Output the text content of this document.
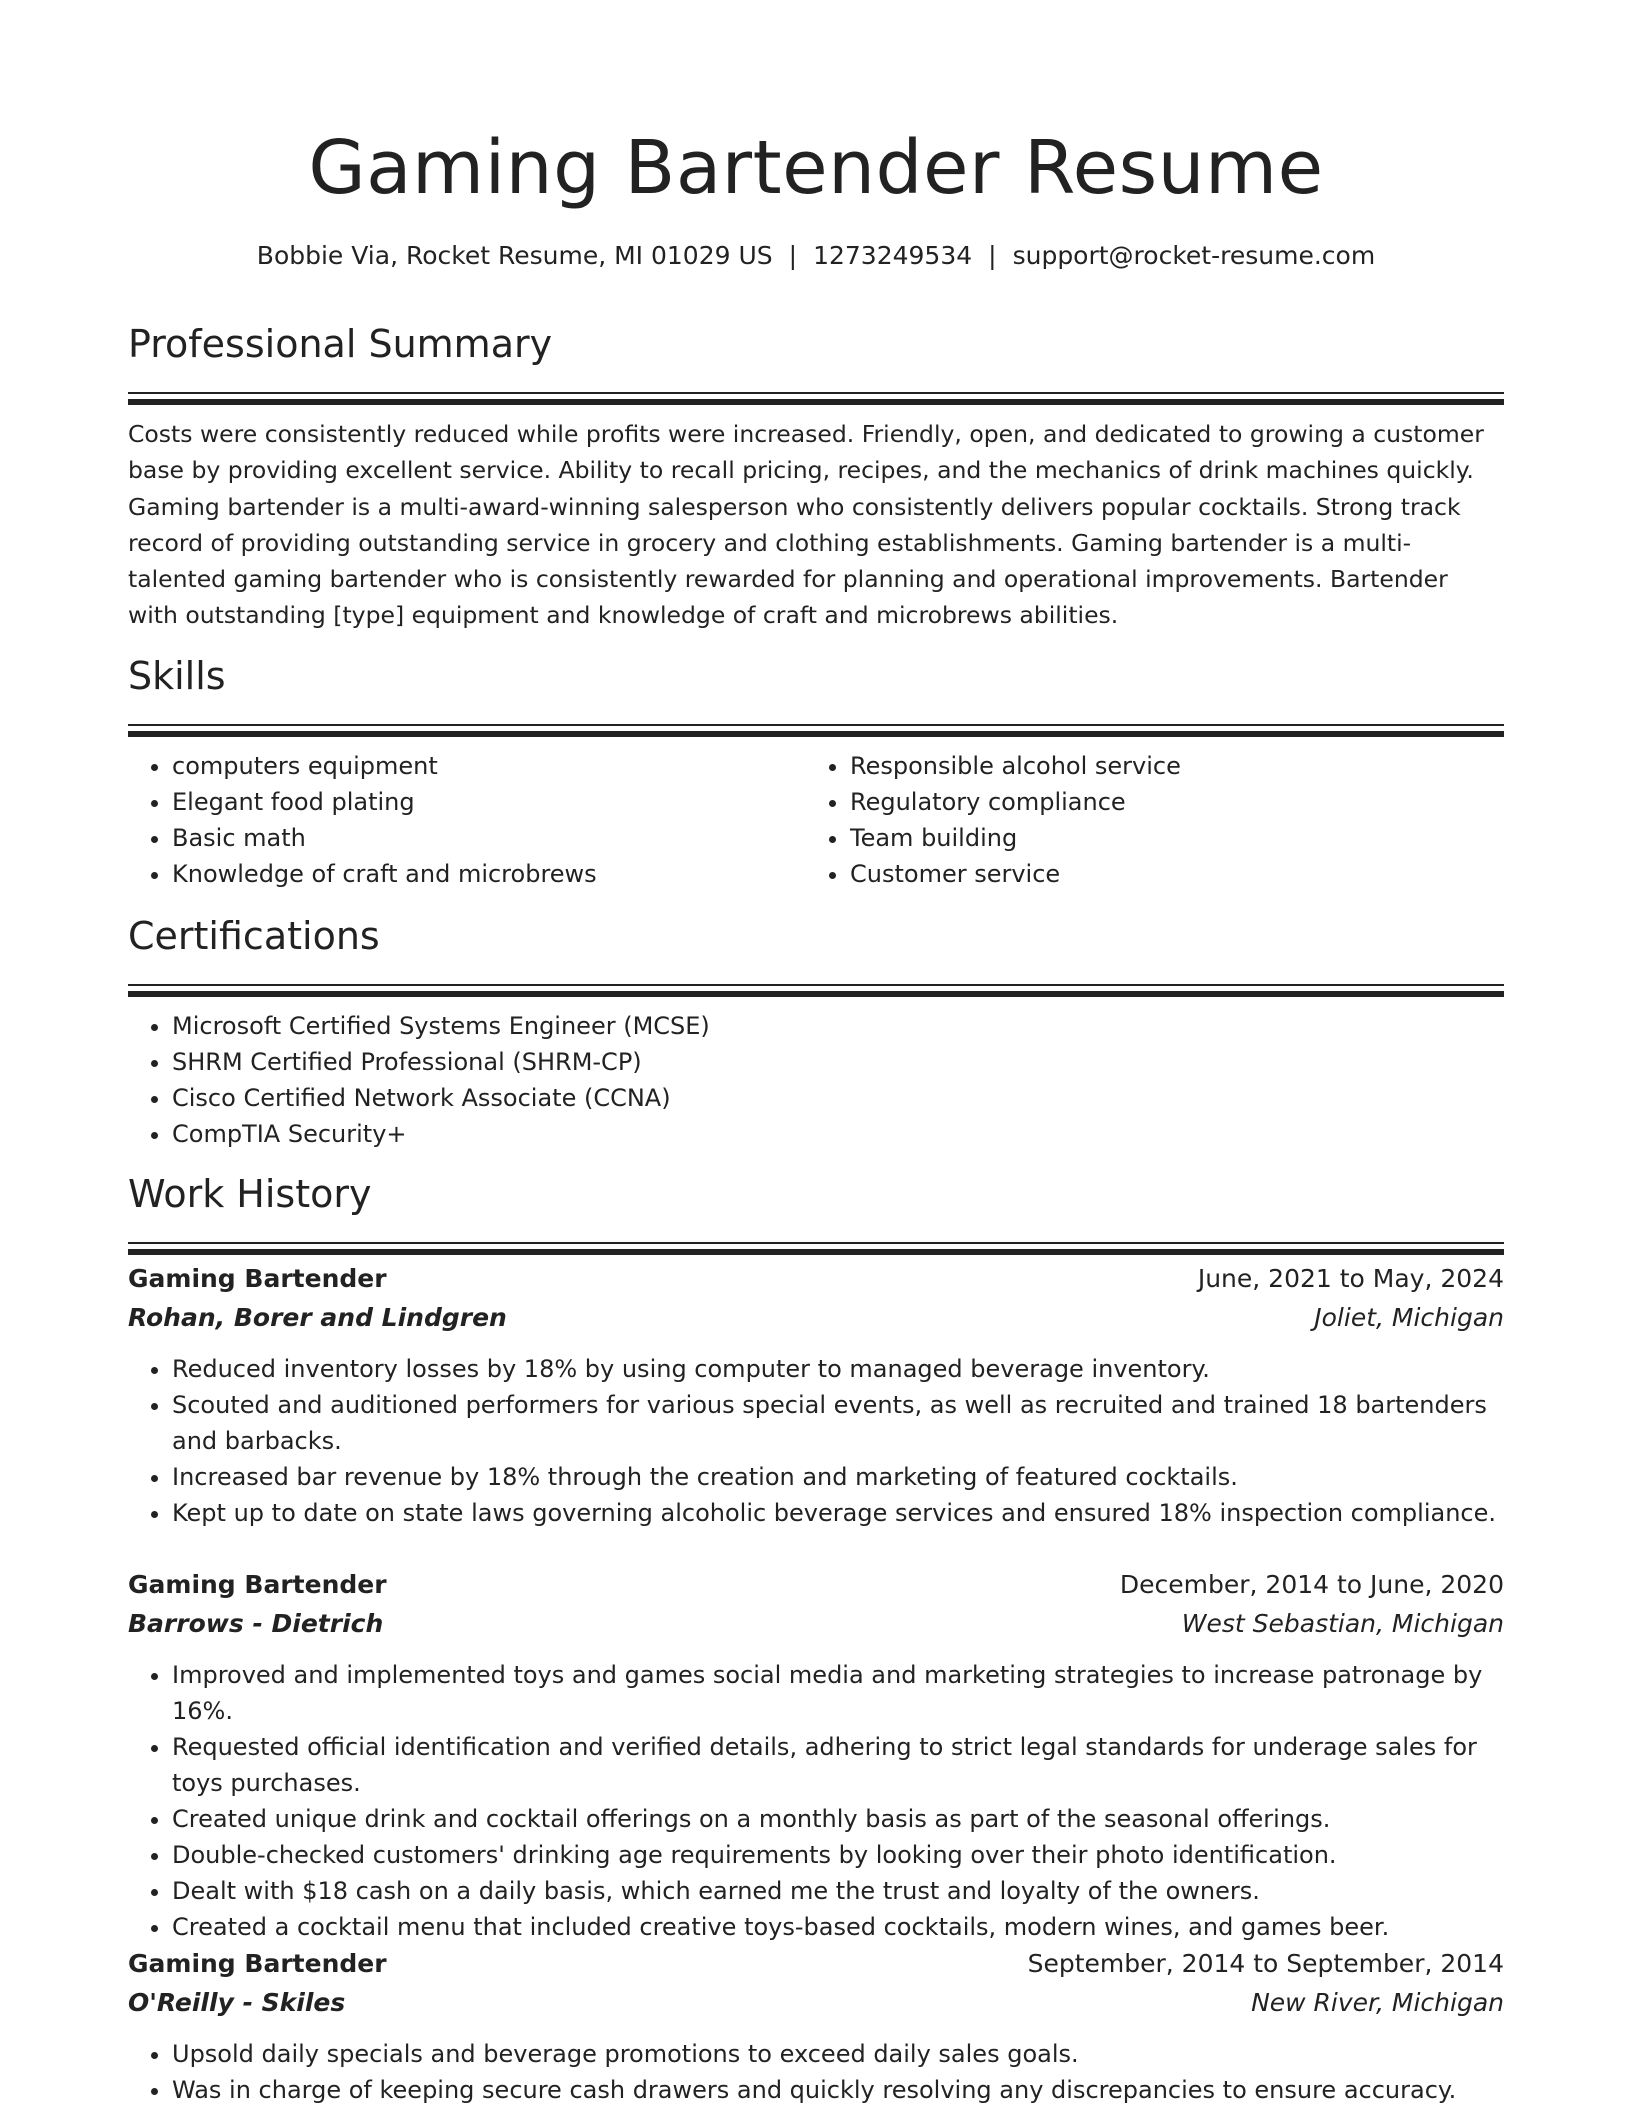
Gaming Bartender Resume
Bobbie Via, Rocket Resume, MI 01029 US | 1273249534 | support@rocket-resume.com
Professional Summary

Costs were consistently reduced while profits were increased. Friendly, open, and dedicated to growing a customer base by providing excellent service. Ability to recall pricing, recipes, and the mechanics of drink machines quickly. Gaming bartender is a multi-award-winning salesperson who consistently delivers popular cocktails. Strong track record of providing outstanding service in grocery and clothing establishments. Gaming bartender is a multi-talented gaming bartender who is consistently rewarded for planning and operational improvements. Bartender with outstanding [type] equipment and knowledge of craft and microbrews abilities.

Skills
• computers equipment
• Elegant food plating
• Basic math
• Knowledge of craft and microbrews
• Responsible alcohol service
• Regulatory compliance
• Team building
• Customer service
Certifications
• Microsoft Certified Systems Engineer (MCSE)
• SHRM Certified Professional (SHRM-CP)
• Cisco Certified Network Associate (CCNA)
• CompTIA Security+
Work History
Gaming Bartender	June, 2021 to May, 2024
Rohan, Borer and Lindgren	Joliet, Michigan
• Reduced inventory losses by 18% by using computer to managed beverage inventory.
• Scouted and auditioned performers for various special events, as well as recruited and trained 18 bartenders and barbacks.
• Increased bar revenue by 18% through the creation and marketing of featured cocktails.
• Kept up to date on state laws governing alcoholic beverage services and ensured 18% inspection compliance.
Gaming Bartender	December, 2014 to June, 2020
Barrows - Dietrich	West Sebastian, Michigan
• Improved and implemented toys and games social media and marketing strategies to increase patronage by 16%.
• Requested official identification and verified details, adhering to strict legal standards for underage sales for toys purchases.
• Created unique drink and cocktail offerings on a monthly basis as part of the seasonal offerings.
• Double-checked customers' drinking age requirements by looking over their photo identification.
• Dealt with $18 cash on a daily basis, which earned me the trust and loyalty of the owners.
• Created a cocktail menu that included creative toys-based cocktails, modern wines, and games beer.
Gaming Bartender	September, 2014 to September, 2014
O'Reilly - Skiles	New River, Michigan
• Upsold daily specials and beverage promotions to exceed daily sales goals.
• Was in charge of keeping secure cash drawers and quickly resolving any discrepancies to ensure accuracy.
